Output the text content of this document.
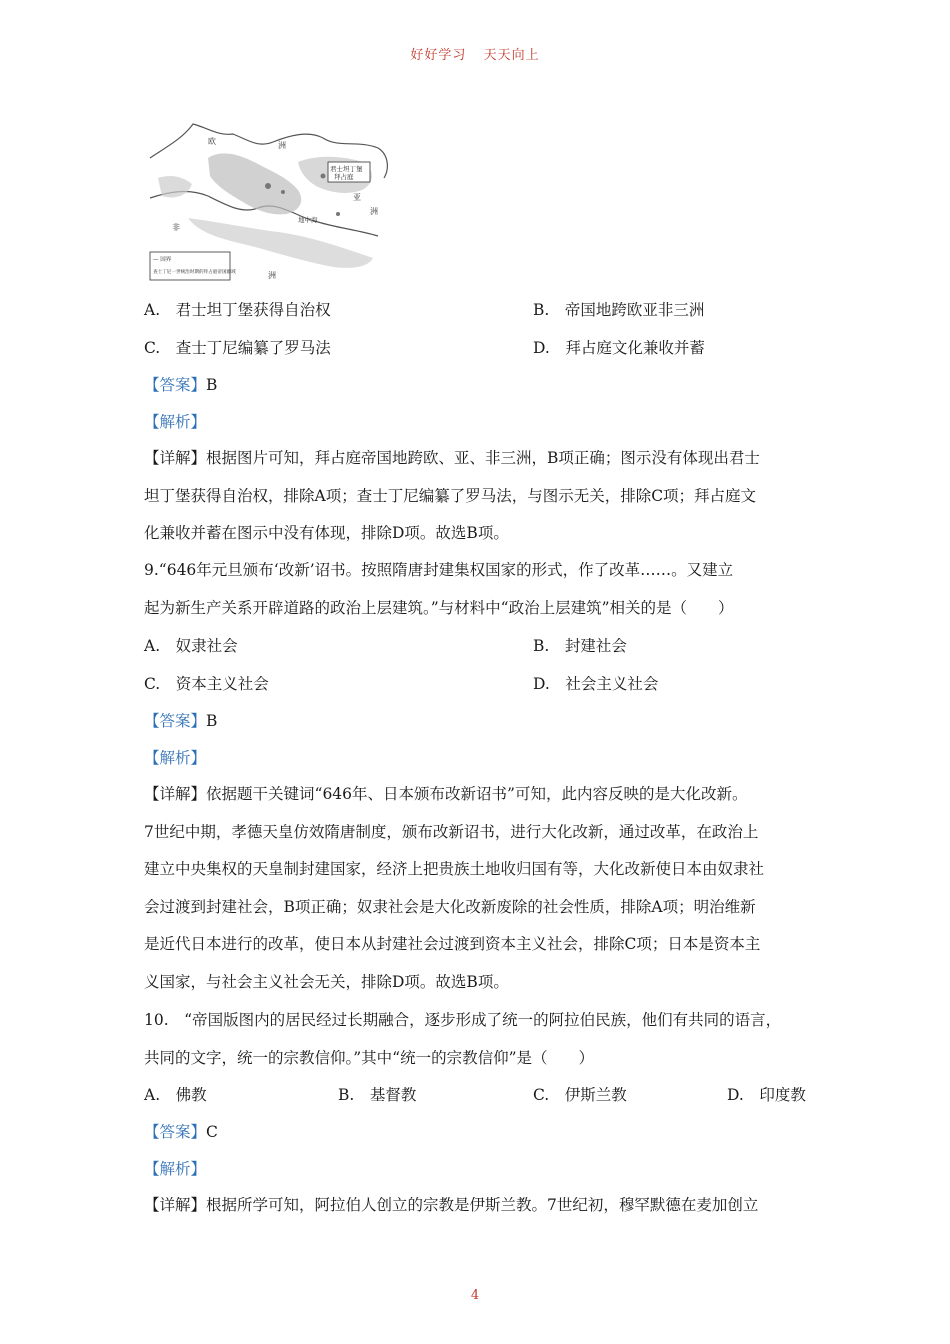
好好学习 天天向上
欧	洲
君士坦丁堡
拜占庭
非
洲
亚
洲
地中海
— 国界
查士丁尼一世统治时期的拜占庭帝国疆域
A.  君士坦丁堡获得自治权	B.  帝国地跨欧亚非三洲
C.  查士丁尼编纂了罗马法	D.  拜占庭文化兼收并蓄
【答案】B
【解析】

【详解】根据图片可知，拜占庭帝国地跨欧、亚、非三洲，B项正确；图示没有体现出君士

坦丁堡获得自治权，排除A项；查士丁尼编纂了罗马法，与图示无关，排除C项；拜占庭文

化兼收并蓄在图示中没有体现，排除D项。故选B项。

9.“646年元旦颁布‘改新’诏书。按照隋唐封建集权国家的形式，作了改革……。又建立

起为新生产关系开辟道路的政治上层建筑。”与材料中“政治上层建筑”相关的是（　　）

A.  奴隶社会	B.  封建社会
C.  资本主义社会	D.  社会主义社会
【答案】B
【解析】

【详解】依据题干关键词“646年、日本颁布改新诏书”可知，此内容反映的是大化改新。

7世纪中期，孝德天皇仿效隋唐制度，颁布改新诏书，进行大化改新，通过改革，在政治上

建立中央集权的天皇制封建国家，经济上把贵族土地收归国有等，大化改新使日本由奴隶社

会过渡到封建社会，B项正确；奴隶社会是大化改新废除的社会性质，排除A项；明治维新

是近代日本进行的改革，使日本从封建社会过渡到资本主义社会，排除C项；日本是资本主

义国家，与社会主义社会无关，排除D项。故选B项。

10.　“帝国版图内的居民经过长期融合，逐步形成了统一的阿拉伯民族，他们有共同的语言，

共同的文字，统一的宗教信仰。”其中“统一的宗教信仰”是（　　）

A.  佛教	B.  基督教	C.  伊斯兰教	D.  印度教
【答案】C
【解析】

【详解】根据所学可知，阿拉伯人创立的宗教是伊斯兰教。7世纪初，穆罕默德在麦加创立

4
